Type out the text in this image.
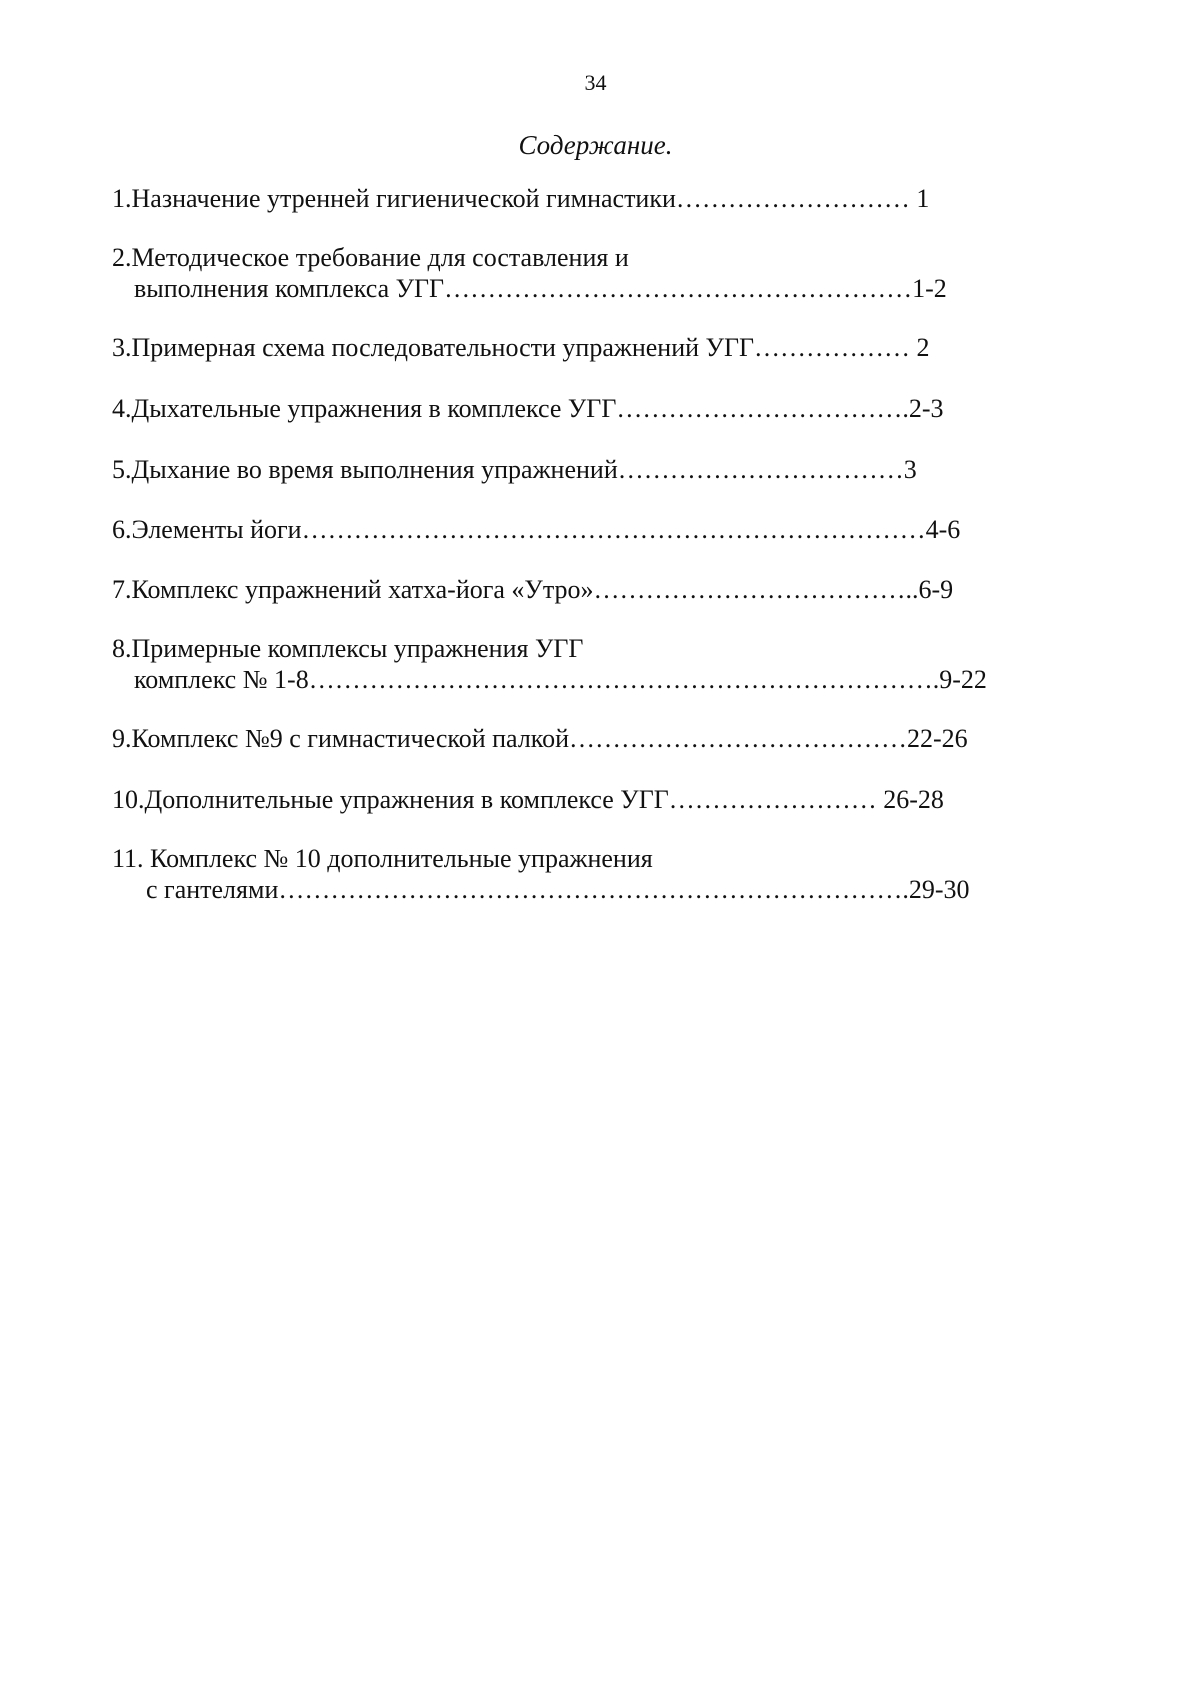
34
Содержание.
1.Назначение утренней гигиенической гимнастики……………………… 1
2.Методическое требование для составления и
выполнения комплекса УГГ………………………………………………1-2
3.Примерная схема последовательности упражнений УГГ……………… 2
4.Дыхательные упражнения в комплексе УГГ…………………………….2-3
5.Дыхание во время выполнения упражнений……………………………3
6.Элементы йоги………………………………………………………………4-6
7.Комплекс упражнений хатха-йога «Утро»………………………………..6-9
8.Примерные комплексы упражнения УГГ
комплекс № 1-8……………………………………………………………….9-22
9.Комплекс №9 с гимнастической палкой…………………………………22-26
10.Дополнительные упражнения в комплексе УГГ…………………… 26-28
11. Комплекс № 10 дополнительные упражнения
с гантелями……………………………………………………………….29-30
